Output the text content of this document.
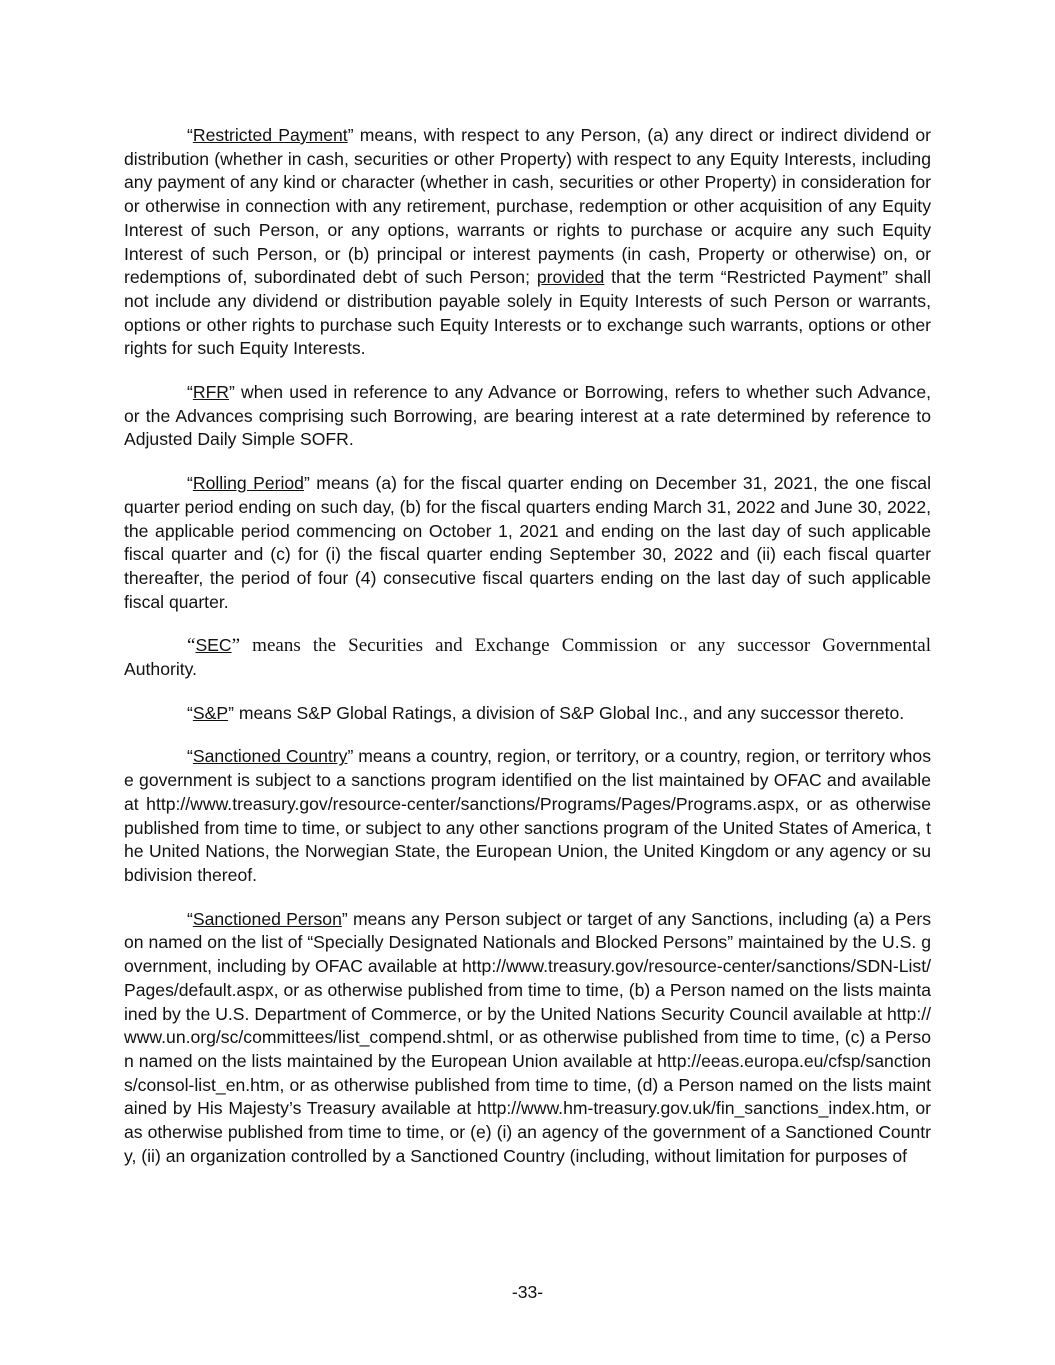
“Restricted Payment” means, with respect to any Person, (a) any direct or indirect dividend or distribution (whether in cash, securities or other Property) with respect to any Equity Interests, including any payment of any kind or character (whether in cash, securities or other Property) in consideration for or otherwise in connection with any retirement, purchase, redemption or other acquisition of any Equity Interest of such Person, or any options, warrants or rights to purchase or acquire any such Equity Interest of such Person, or (b) principal or interest payments (in cash, Property or otherwise) on, or redemptions of, subordinated debt of such Person; provided that the term “Restricted Payment” shall not include any dividend or distribution payable solely in Equity Interests of such Person or warrants, options or other rights to purchase such Equity Interests or to exchange such warrants, options or other rights for such Equity Interests.

“RFR” when used in reference to any Advance or Borrowing, refers to whether such Advance, or the Advances comprising such Borrowing, are bearing interest at a rate determined by reference to Adjusted Daily Simple SOFR.

“Rolling Period” means (a) for the fiscal quarter ending on December 31, 2021, the one fiscal quarter period ending on such day, (b) for the fiscal quarters ending March 31, 2022 and June 30, 2022, the applicable period commencing on October 1, 2021 and ending on the last day of such applicable fiscal quarter and (c) for (i) the fiscal quarter ending September 30, 2022 and (ii) each fiscal quarter thereafter, the period of four (4) consecutive fiscal quarters ending on the last day of such applicable fiscal quarter.

“SEC” means the Securities and Exchange Commission or any successor Governmental Authority.

“S&P” means S&P Global Ratings, a division of S&P Global Inc., and any successor thereto.

“Sanctioned Country” means a country, region, or territory, or a country, region, or territory whose government is subject to a sanctions program identified on the list maintained by OFAC and available at http://www.treasury.gov/resource-center/sanctions/Programs/Pages/Programs.aspx, or as otherwise published from time to time, or subject to any other sanctions program of the United States of America, the United Nations, the Norwegian State, the European Union, the United Kingdom or any agency or subdivision thereof.

“Sanctioned Person” means any Person subject or target of any Sanctions, including (a) a Person named on the list of “Specially Designated Nationals and Blocked Persons” maintained by the U.S. government, including by OFAC available at http://www.treasury.gov/resource-center/sanctions/SDN-List/Pages/default.aspx, or as otherwise published from time to time, (b) a Person named on the lists maintained by the U.S. Department of Commerce, or by the United Nations Security Council available at http://www.un.org/sc/committees/list_compend.shtml, or as otherwise published from time to time, (c) a Person named on the lists maintained by the European Union available at http://eeas.europa.eu/cfsp/sanctions/consol-list_en.htm, or as otherwise published from time to time, (d) a Person named on the lists maintained by His Majesty’s Treasury available at http://www.hm-treasury.gov.uk/fin_sanctions_index.htm, or as otherwise published from time to time, or (e) (i) an agency of the government of a Sanctioned Country, (ii) an organization controlled by a Sanctioned Country (including, without limitation for purposes of

-33-
